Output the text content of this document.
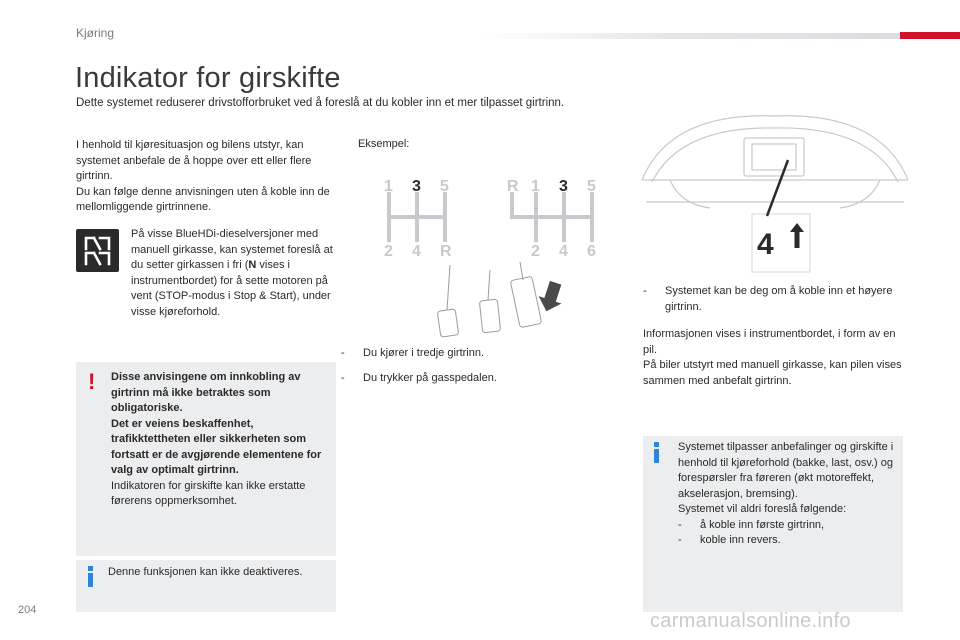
Kjøring
Indikator for girskifte
Dette systemet reduserer drivstofforbruket ved å foreslå at du kobler inn et mer tilpasset girtrinn.

I henhold til kjøresituasjon og bilens utstyr, kan systemet anbefale de å hoppe over ett eller flere girtrinn.

Du kan følge denne anvisningen uten å koble inn de mellomliggende girtrinnene.

På visse BlueHDi-dieselversjoner med manuell girkasse, kan systemet foreslå at du setter girkassen i fri (N vises i instrumentbordet) for å sette motoren på vent (STOP-modus i Stop & Start), under visse kjøreforhold.
! Disse anvisingene om innkobling av girtrinn må ikke betraktes som obligatoriske.
Det er veiens beskaffenhet, trafikktettheten eller sikkerheten som fortsatt er de avgjørende elementene for valg av optimalt girtrinn.
Indikatoren for girskifte kan ikke erstatte førerens oppmerksomhet.
Denne funksjonen kan ikke deaktiveres.
Eksempel:
1 3 5
2 4 R
R 1 3 5
2 4 6
-	Du kjører i tredje girtrinn.
-	Du trykker på gasspedalen.
4
-	Systemet kan be deg om å koble inn et høyere girtrinn.

Informasjonen vises i instrumentbordet, i form av en pil.

På biler utstyrt med manuell girkasse, kan pilen vises sammen med anbefalt girtrinn.

Systemet tilpasser anbefalinger og girskifte i henhold til kjøreforhold (bakke, last, osv.) og forespørsler fra føreren (økt motoreffekt, akselerasjon, bremsing).

Systemet vil aldri foreslå følgende:

-	å koble inn første girtrinn,
-	koble inn revers.
204	carmanualsonline.info
